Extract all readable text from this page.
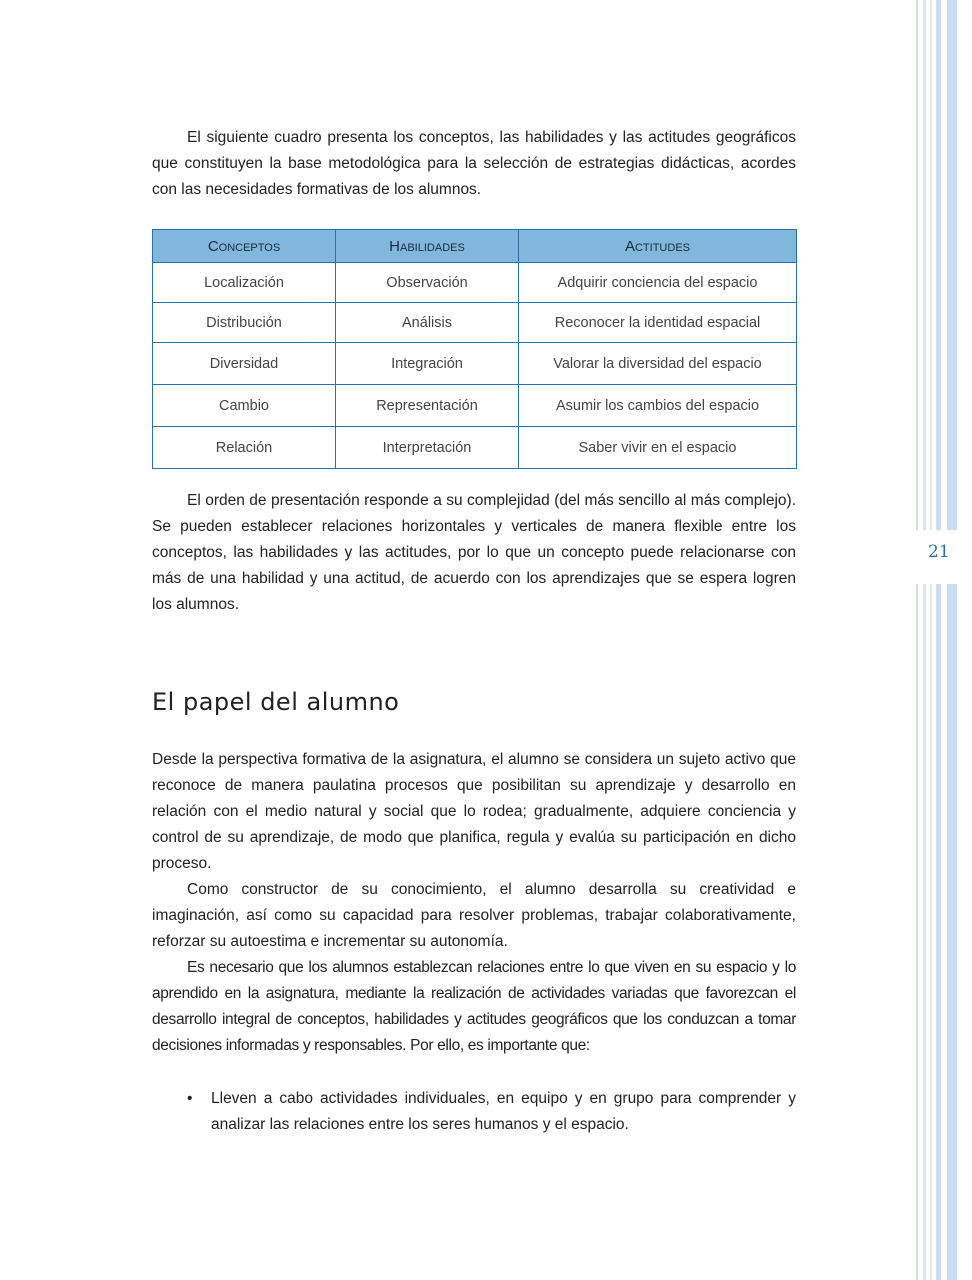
21
El siguiente cuadro presenta los conceptos, las habilidades y las actitudes geográficos que constituyen la base metodológica para la selección de estrategias didácticas, acordes con las necesidades formativas de los alumnos.
Conceptos	Habilidades	Actitudes
Localización	Observación	Adquirir conciencia del espacio
Distribución	Análisis	Reconocer la identidad espacial
Diversidad	Integración	Valorar la diversidad del espacio
Cambio	Representación	Asumir los cambios del espacio
Relación	Interpretación	Saber vivir en el espacio
El orden de presentación responde a su complejidad (del más sencillo al más complejo). Se pueden establecer relaciones horizontales y verticales de manera flexible entre los conceptos, las habilidades y las actitudes, por lo que un concepto puede relacionarse con más de una habilidad y una actitud, de acuerdo con los aprendizajes que se espera logren los alumnos.
El papel del alumno

Desde la perspectiva formativa de la asignatura, el alumno se considera un sujeto activo que reconoce de manera paulatina procesos que posibilitan su aprendizaje y desarrollo en relación con el medio natural y social que lo rodea; gradualmente, adquiere conciencia y control de su aprendizaje, de modo que planifica, regula y evalúa su participación en dicho proceso.

Como constructor de su conocimiento, el alumno desarrolla su creatividad e imaginación, así como su capacidad para resolver problemas, trabajar colaborativamente, reforzar su autoestima e incrementar su autonomía.

Es necesario que los alumnos establezcan relaciones entre lo que viven en su espacio y lo aprendido en la asignatura, mediante la realización de actividades variadas que favorezcan el desarrollo integral de conceptos, habilidades y actitudes geográficos que los conduzcan a tomar decisiones informadas y responsables. Por ello, es importante que:

• Lleven a cabo actividades individuales, en equipo y en grupo para comprender y analizar las relaciones entre los seres humanos y el espacio.
